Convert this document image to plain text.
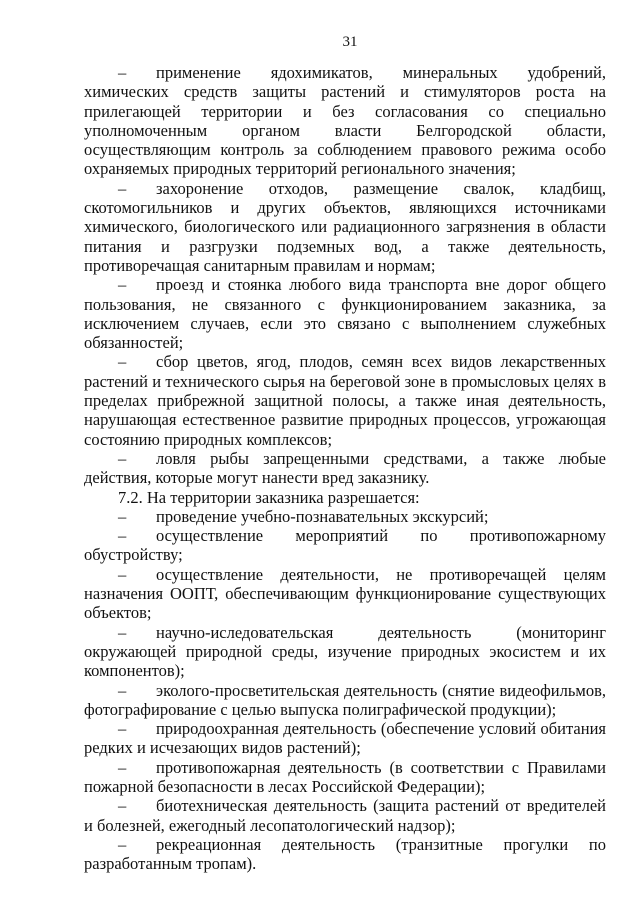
31

– применение ядохимикатов, минеральных удобрений, химических средств защиты растений и стимуляторов роста на прилегающей территории и без согласования со специально уполномоченным органом власти Белгородской области, осуществляющим контроль за соблюдением правового режима особо охраняемых природных территорий регионального значения;

– захоронение отходов, размещение свалок, кладбищ, скотомогильников и других объектов, являющихся источниками химического, биологического или радиационного загрязнения в области питания и разгрузки подземных вод, а также деятельность, противоречащая санитарным правилам и нормам;

– проезд и стоянка любого вида транспорта вне дорог общего пользования, не связанного с функционированием заказника, за исключением случаев, если это связано с выполнением служебных обязанностей;

– сбор цветов, ягод, плодов, семян всех видов лекарственных растений и технического сырья на береговой зоне в промысловых целях в пределах прибрежной защитной полосы, а также иная деятельность, нарушающая естественное развитие природных процессов, угрожающая состоянию природных комплексов;

– ловля рыбы запрещенными средствами, а также любые действия, которые могут нанести вред заказнику.

7.2. На территории заказника разрешается:

– проведение учебно-познавательных экскурсий;

– осуществление мероприятий по противопожарному обустройству;

– осуществление деятельности, не противоречащей целям назначения ООПТ, обеспечивающим функционирование существующих объектов;

– научно-иследовательская деятельность (мониторинг окружающей природной среды, изучение природных экосистем и их компонентов);

– эколого-просветительская деятельность (снятие видеофильмов, фотографирование с целью выпуска полиграфической продукции);

– природоохранная деятельность (обеспечение условий обитания редких и исчезающих видов растений);

– противопожарная деятельность (в соответствии с Правилами пожарной безопасности в лесах Российской Федерации);

– биотехническая деятельность (защита растений от вредителей и болезней, ежегодный лесопатологический надзор);

– рекреационная деятельность (транзитные прогулки по разработанным тропам).
